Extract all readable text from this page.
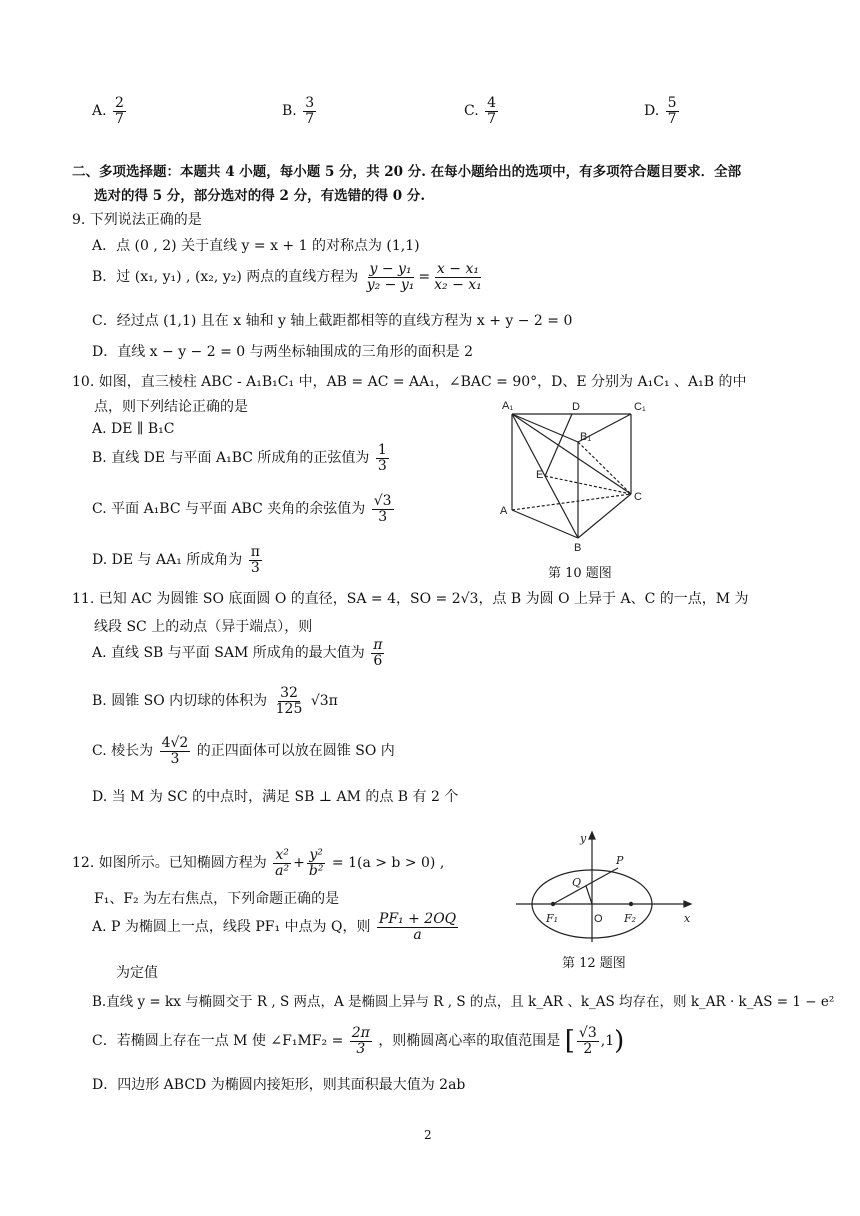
A. $\frac{2}{7}$	B. $\frac{3}{7}$	C. $\frac{4}{7}$	D. $\frac{5}{7}$
二、多项选择题：本题共 4 小题，每小题 5 分，共 20 分. 在每小题给出的选项中，有多项符合题目要求．全部
选对的得 5 分，部分选对的得 2 分，有选错的得 0 分.
9. 下列说法正确的是
A．点 (0 , 2) 关于直线 y = x + 1 的对称点为 (1,1)
B．过 (x₁, y₁) , (x₂, y₂) 两点的直线方程为 $\frac{\text{y − y₁}}{\text{y₂ − y₁}} = \frac{\text{x − x₁}}{\text{x₂ − x₁}}$
C．经过点 (1,1) 且在 x 轴和 y 轴上截距都相等的直线方程为 x + y − 2 = 0
D．直线 x − y − 2 = 0 与两坐标轴围成的三角形的面积是 2
10. 如图，直三棱柱 ABC - A₁B₁C₁ 中，AB = AC = AA₁，∠BAC = 90°，D、E 分别为 A₁C₁ 、A₁B 的中
点，则下列结论正确的是
A. DE ∥ B₁C
B. 直线 DE 与平面 A₁BC 所成角的正弦值为 $\frac{1}{3}$
C. 平面 A₁BC 与平面 ABC 夹角的余弦值为 $\frac{√3}{3}$
D. DE 与 AA₁ 所成角为 $\frac{\pi}{3}$
A₁	D	C₁
B₁
E
A
C
B
第 10 题图
11. 已知 AC 为圆锥 SO 底面圆 O 的直径，SA = 4，SO = 2√3，点 B 为圆 O 上异于 A、C 的一点，M 为
线段 SC 上的动点（异于端点），则
A. 直线 SB 与平面 SAM 所成角的最大值为 $\frac{\pi}{6}$
B. 圆锥 SO 内切球的体积为 $\frac{32}{125} √3\pi$
C. 棱长为 $\frac{4√2}{3}$ 的正四面体可以放在圆锥 SO 内
D. 当 M 为 SC 的中点时，满足 SB ⊥ AM 的点 B 有 2 个
12. 如图所示。已知椭圆方程为 $\frac{\text{x²}}{\text{a²}} + \frac{\text{y²}}{\text{b²}} = 1(a > b > 0)$ ,
F₁、F₂ 为左右焦点，下列命题正确的是
A. P 为椭圆上一点，线段 PF₁ 中点为 Q，则 $\frac{\text{PF₁ + 2OQ}}{a}$
为定值
B.直线 y = kx 与椭圆交于 R , S 两点，A 是椭圆上异与 R , S 的点，且 k_AR 、k_AS 均存在，则 k_AR · k_AS = 1 − e²
C．若椭圆上存在一点 M 使 ∠F₁MF₂ = $\frac{2\pi}{3}$ ，则椭圆离心率的取值范围是 [ $\frac{√3}{2} ,1$)
D．四边形 ABCD 为椭圆内接矩形，则其面积最大值为 2ab
y
x
P
Q
F₁	O F₂
第 12 题图
2
